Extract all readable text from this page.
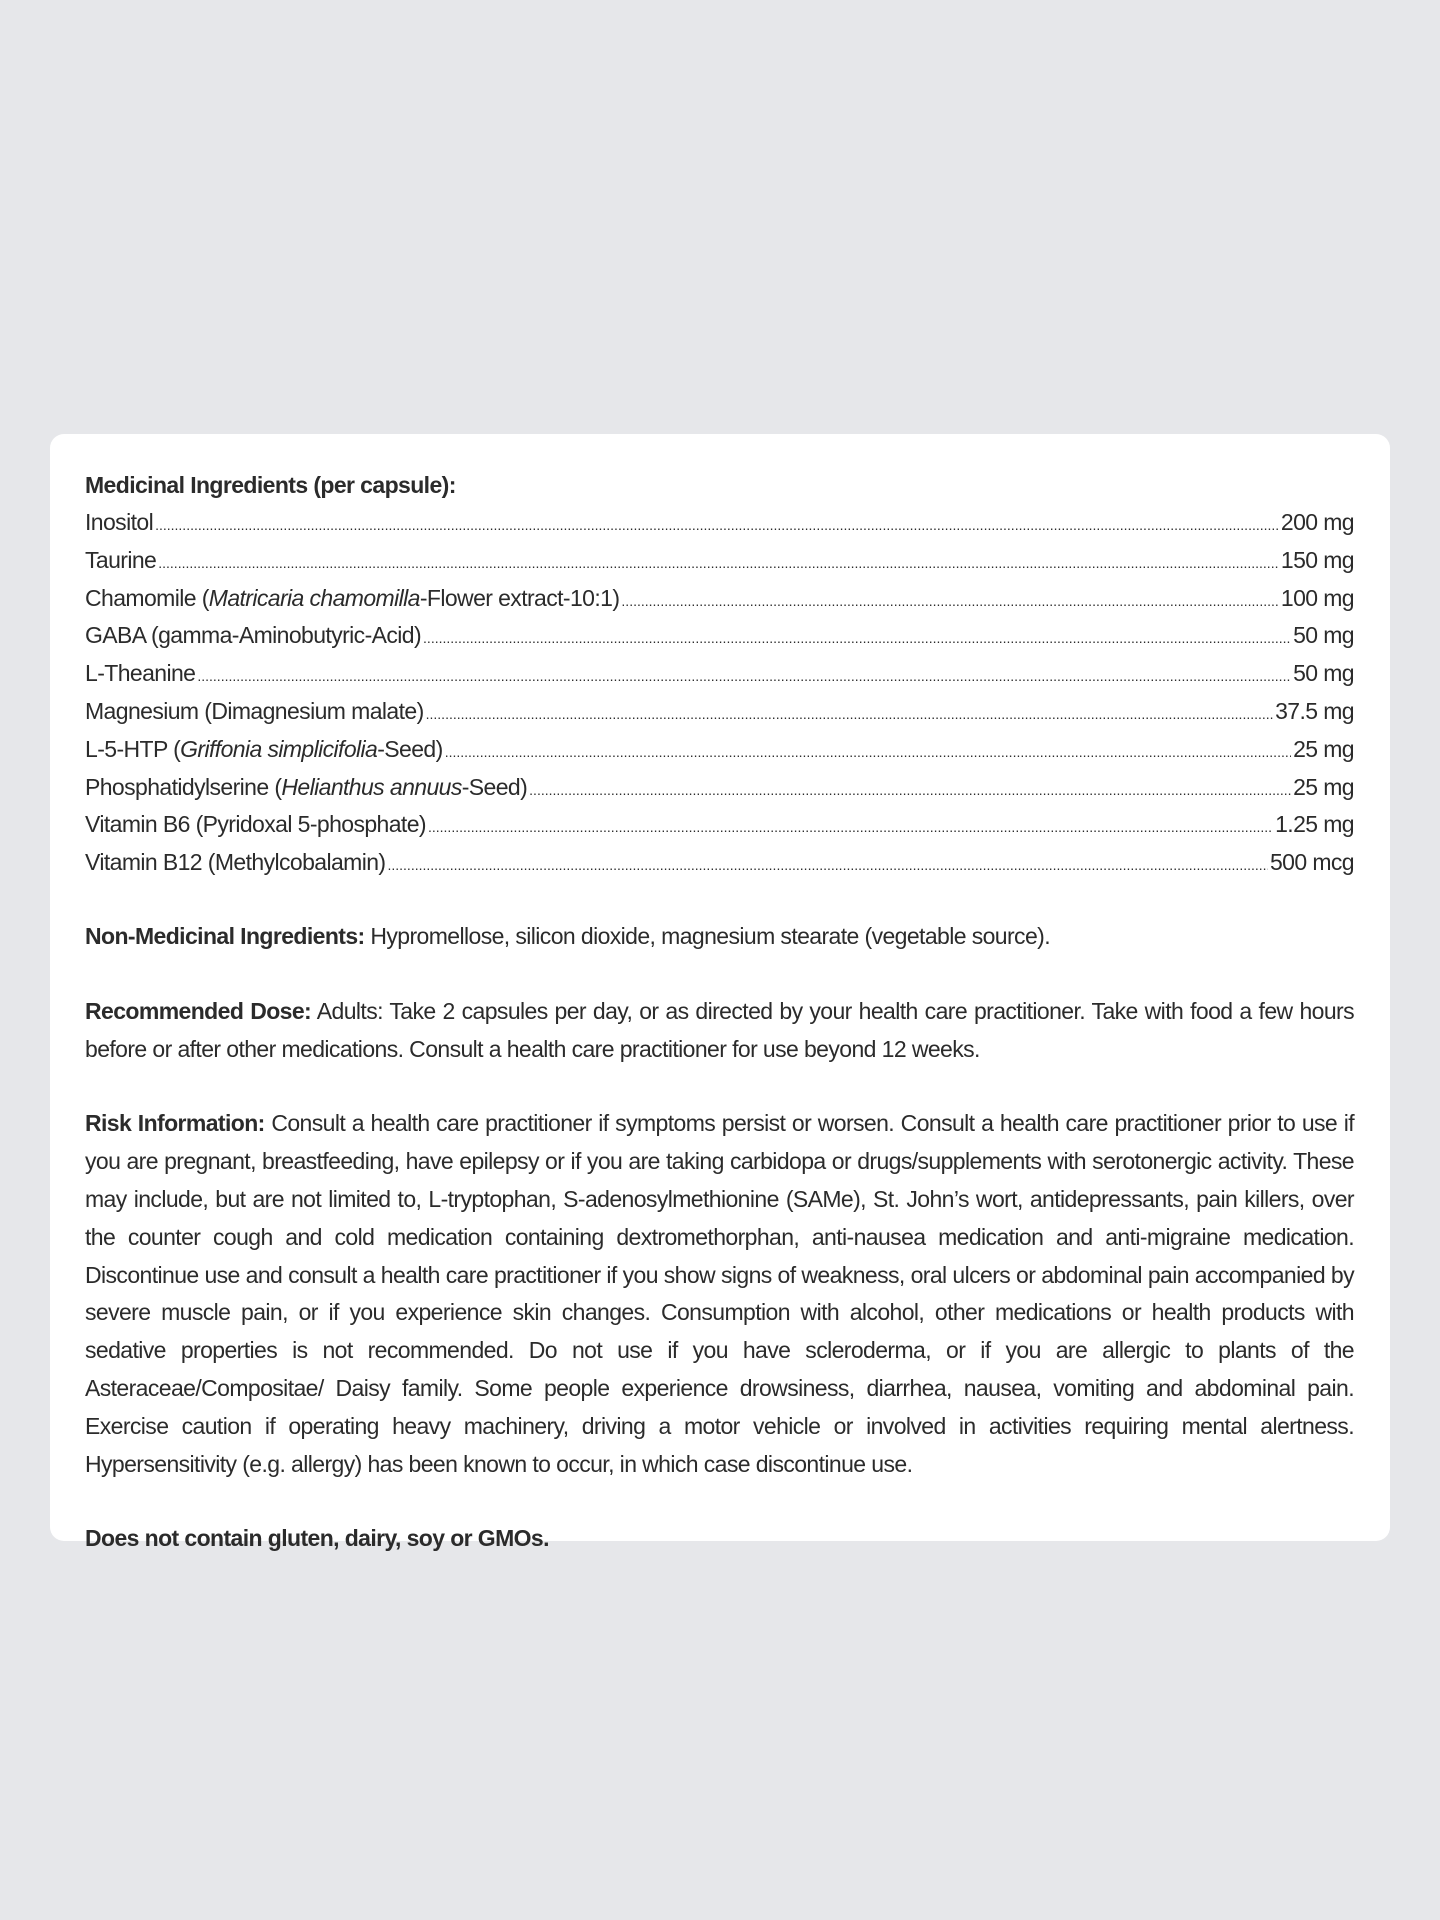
Medicinal Ingredients (per capsule):
Inositol .....	200 mg
Taurine .....	150 mg
Chamomile (Matricaria chamomilla-Flower extract-10:1) .....	100 mg
GABA (gamma-Aminobutyric-Acid) .....	50 mg
L-Theanine .....	50 mg
Magnesium (Dimagnesium malate) .....	37.5 mg
L-5-HTP (Griffonia simplicifolia-Seed) .....	25 mg
Phosphatidylserine (Helianthus annuus-Seed) .....	25 mg
Vitamin B6 (Pyridoxal 5-phosphate) .....	1.25 mg
Vitamin B12 (Methylcobalamin) .....	500 mcg

Non-Medicinal Ingredients: Hypromellose, silicon dioxide, magnesium stearate (vegetable source).

Recommended Dose: Adults: Take 2 capsules per day, or as directed by your health care practitioner. Take with food a few hours before or after other medications. Consult a health care practitioner for use beyond 12 weeks.

Risk Information: Consult a health care practitioner if symptoms persist or worsen. Consult a health care practitioner prior to use if you are pregnant, breastfeeding, have epilepsy or if you are taking carbidopa or drugs/supplements with serotonergic activity. These may include, but are not limited to, L-tryptophan, S-adenosylmethionine (SAMe), St. John’s wort, antidepressants, pain killers, over the counter cough and cold medication containing dextromethorphan, anti-nausea medication and anti-migraine medication. Discontinue use and consult a health care practitioner if you show signs of weakness, oral ulcers or abdominal pain accompanied by severe muscle pain, or if you experience skin changes. Consumption with alcohol, other medications or health products with sedative properties is not recommended. Do not use if you have scleroderma, or if you are allergic to plants of the Asteraceae/Compositae/ Daisy family. Some people experience drowsiness, diarrhea, nausea, vomiting and abdominal pain. Exercise caution if operating heavy machinery, driving a motor vehicle or involved in activities requiring mental alertness. Hypersensitivity (e.g. allergy) has been known to occur, in which case discontinue use.

Does not contain gluten, dairy, soy or GMOs.
